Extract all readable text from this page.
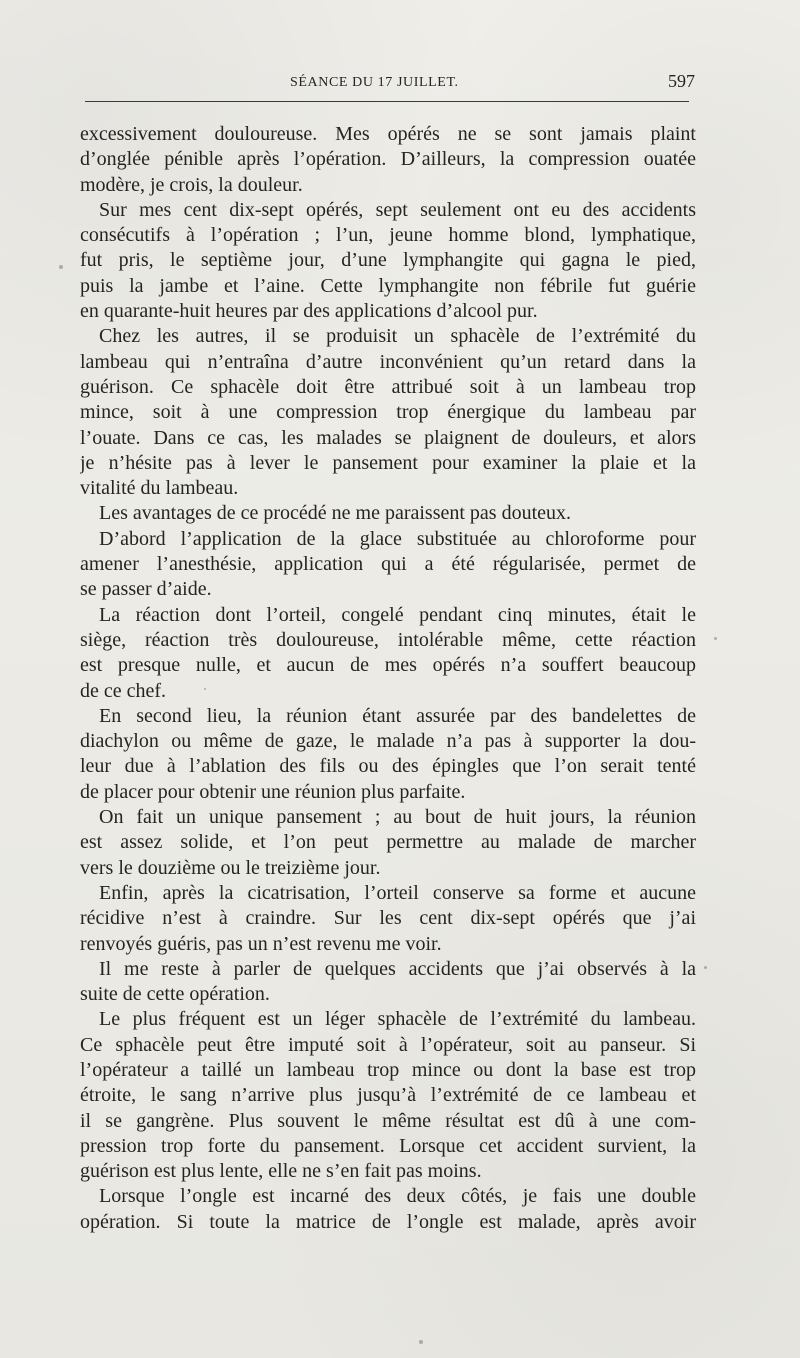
SÉANCE DU 17 JUILLET.	597
excessivement douloureuse. Mes opérés ne se sont jamais plaint
d’onglée pénible après l’opération. D’ailleurs, la compression ouatée
modère, je crois, la douleur.
Sur mes cent dix-sept opérés, sept seulement ont eu des accidents
consécutifs à l’opération ; l’un, jeune homme blond, lymphatique,
fut pris, le septième jour, d’une lymphangite qui gagna le pied,
puis la jambe et l’aine. Cette lymphangite non fébrile fut guérie
en quarante-huit heures par des applications d’alcool pur.
Chez les autres, il se produisit un sphacèle de l’extrémité du
lambeau qui n’entraîna d’autre inconvénient qu’un retard dans la
guérison. Ce sphacèle doit être attribué soit à un lambeau trop
mince, soit à une compression trop énergique du lambeau par
l’ouate. Dans ce cas, les malades se plaignent de douleurs, et alors
je n’hésite pas à lever le pansement pour examiner la plaie et la
vitalité du lambeau.
Les avantages de ce procédé ne me paraissent pas douteux.
D’abord l’application de la glace substituée au chloroforme pour
amener l’anesthésie, application qui a été régularisée, permet de
se passer d’aide.
La réaction dont l’orteil, congelé pendant cinq minutes, était le
siège, réaction très douloureuse, intolérable même, cette réaction
est presque nulle, et aucun de mes opérés n’a souffert beaucoup
de ce chef.
En second lieu, la réunion étant assurée par des bandelettes de
diachylon ou même de gaze, le malade n’a pas à supporter la dou-
leur due à l’ablation des fils ou des épingles que l’on serait tenté
de placer pour obtenir une réunion plus parfaite.
On fait un unique pansement ; au bout de huit jours, la réunion
est assez solide, et l’on peut permettre au malade de marcher
vers le douzième ou le treizième jour.
Enfin, après la cicatrisation, l’orteil conserve sa forme et aucune
récidive n’est à craindre. Sur les cent dix-sept opérés que j’ai
renvoyés guéris, pas un n’est revenu me voir.
Il me reste à parler de quelques accidents que j’ai observés à la
suite de cette opération.
Le plus fréquent est un léger sphacèle de l’extrémité du lambeau.
Ce sphacèle peut être imputé soit à l’opérateur, soit au panseur. Si
l’opérateur a taillé un lambeau trop mince ou dont la base est trop
étroite, le sang n’arrive plus jusqu’à l’extrémité de ce lambeau et
il se gangrène. Plus souvent le même résultat est dû à une com-
pression trop forte du pansement. Lorsque cet accident survient, la
guérison est plus lente, elle ne s’en fait pas moins.
Lorsque l’ongle est incarné des deux côtés, je fais une double
opération. Si toute la matrice de l’ongle est malade, après avoir
